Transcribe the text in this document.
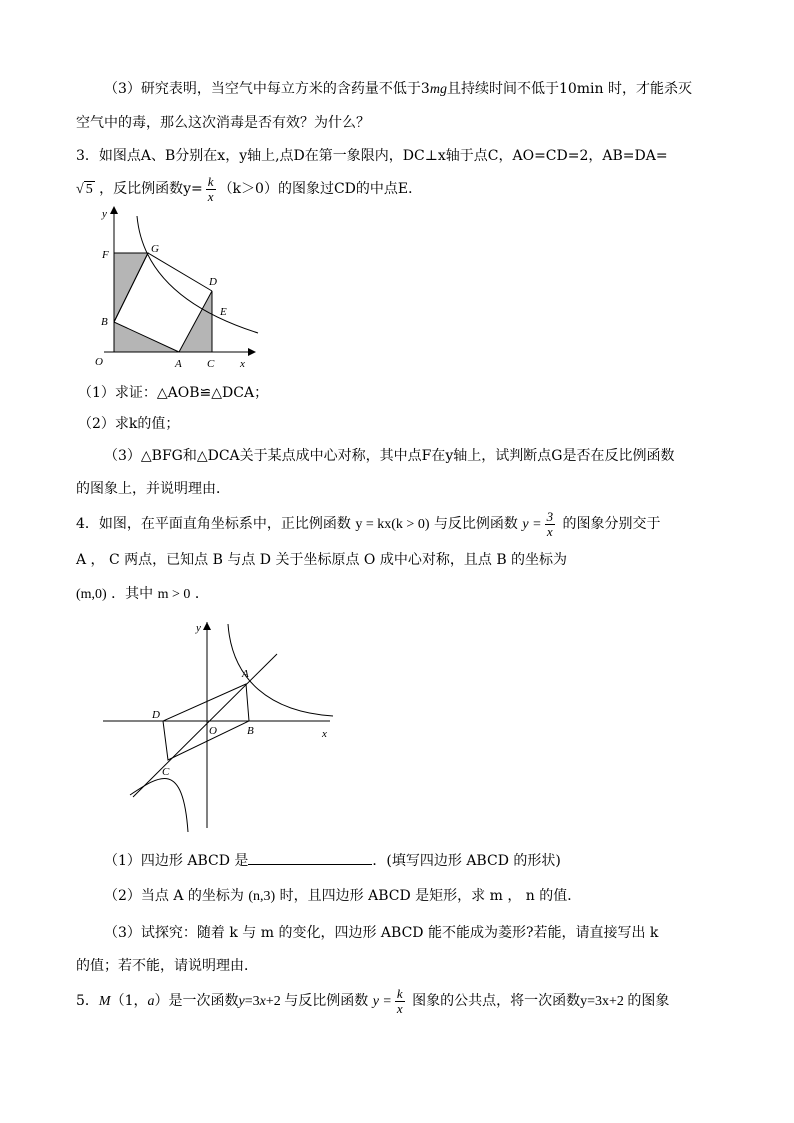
（3）研究表明，当空气中每立方米的含药量不低于3mg且持续时间不低于10min 时，才能杀灭
空气中的毒，那么这次消毒是否有效？为什么？
3．如图点A、B分别在x，y轴上,点D在第一象限内，DC⊥x轴于点C，AO=CD=2，AB=DA=
√ 5 ，反比例函数$y= \frac{k}{x} (k>0)$的图象过CD的中点E．
y
F	G
D
E
B
O	A C x
（1）求证：△AOB≌△DCA；
（2）求k的值；
（3）△BFG和△DCA关于某点成中心对称，其中点F在y轴上，试判断点G是否在反比例函数
的图象上，并说明理由．
4．如图，在平面直角坐标系中，正比例函数 y = kx(k > 0) 与反比例函数 $y = \frac{3}{x}$ 的图象分别交于
A ， C 两点，已知点 B 与点 D 关于坐标原点 O 成中心对称，且点 B 的坐标为
(m,0) ．其中 m > 0 ．
y
A
D
O	B
C
x
（1）四边形 ABCD 是	．(填写四边形 ABCD 的形状)
（2）当点 A 的坐标为 (n,3) 时，且四边形 ABCD 是矩形，求 m ， n 的值．
（3）试探究：随着 k 与 m 的变化，四边形 ABCD 能不能成为菱形?若能，请直接写出 k
的值；若不能，请说明理由．
5．M（1，a）是一次函数y=3x+2 与反比例函数 $y = \frac{k}{x}$ 图象的公共点，将一次函数y=3x+2 的图象
